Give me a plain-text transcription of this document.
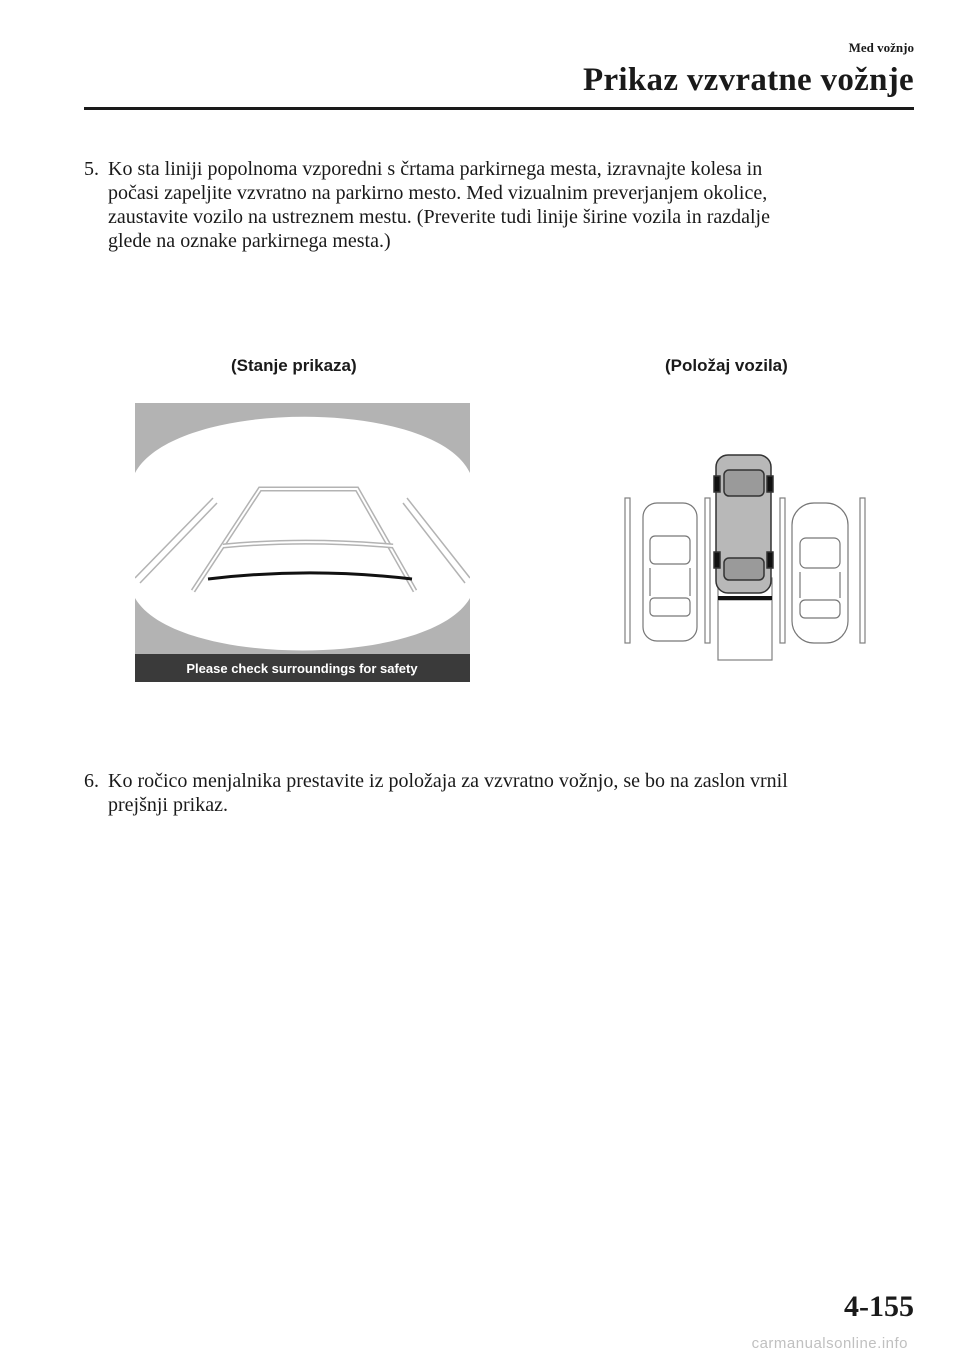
Med vožnjo
Prikaz vzvratne vožnje
5. Ko sta liniji popolnoma vzporedni s črtama parkirnega mesta, izravnajte kolesa in
počasi zapeljite vzvratno na parkirno mesto. Med vizualnim preverjanjem okolice,
zaustavite vozilo na ustreznem mestu. (Preverite tudi linije širine vozila in razdalje
glede na oznake parkirnega mesta.)
(Stanje prikaza)	(Položaj vozila)
Please check surroundings for safety
6. Ko ročico menjalnika prestavite iz položaja za vzvratno vožnjo, se bo na zaslon vrnil
prejšnji prikaz.
4-155
carmanualsonline.info
